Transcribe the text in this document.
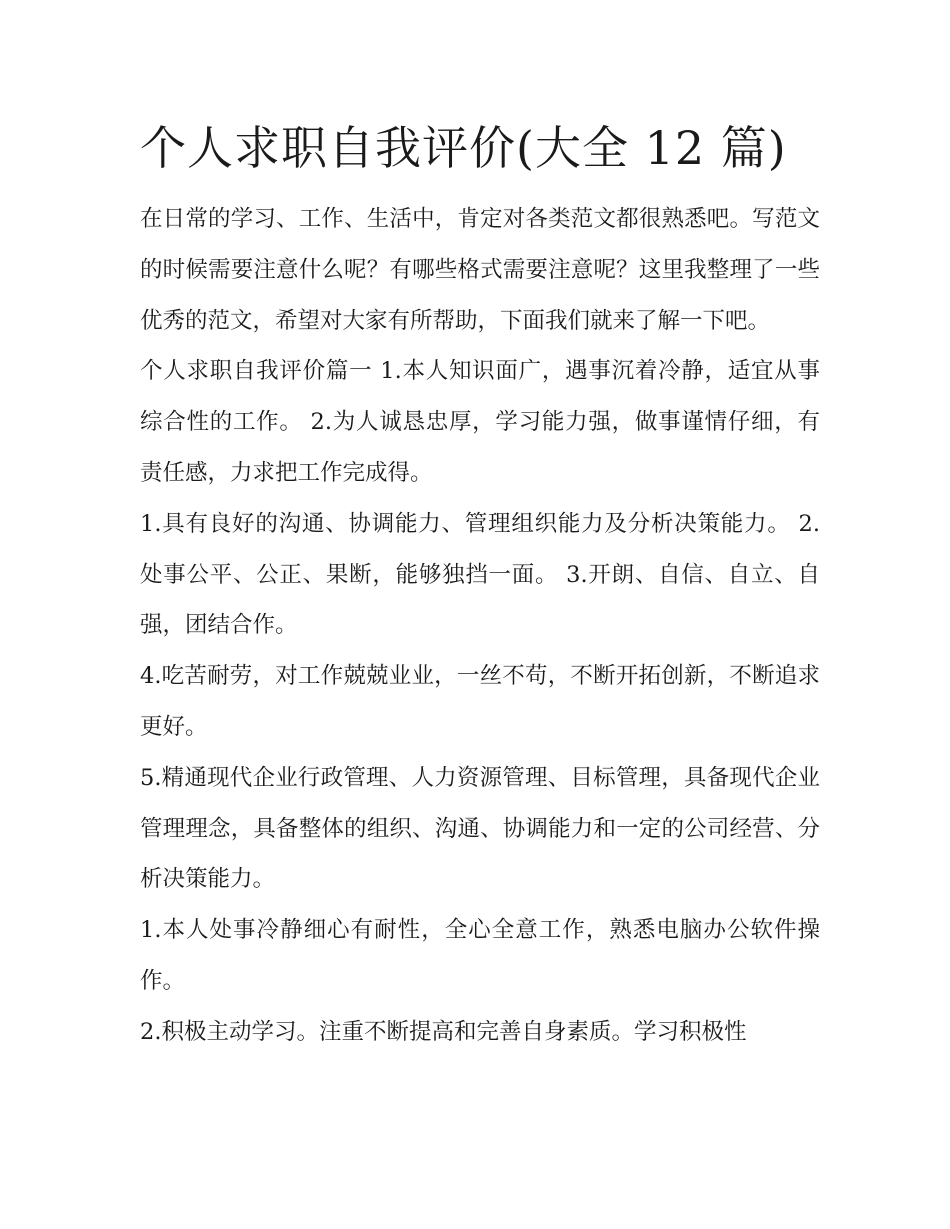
个人求职自我评价(大全 12 篇)

在日常的学习、工作、生活中，肯定对各类范文都很熟悉吧。写范文的时候需要注意什么呢？有哪些格式需要注意呢？这里我整理了一些优秀的范文，希望对大家有所帮助，下面我们就来了解一下吧。

个人求职自我评价篇一 1.本人知识面广，遇事沉着冷静，适宜从事综合性的工作。 2.为人诚恳忠厚，学习能力强，做事谨情仔细，有责任感，力求把工作完成得。

1.具有良好的沟通、协调能力、管理组织能力及分析决策能力。 2.处事公平、公正、果断，能够独挡一面。 3.开朗、自信、自立、自强，团结合作。

4.吃苦耐劳，对工作兢兢业业，一丝不苟，不断开拓创新，不断追求更好。

5.精通现代企业行政管理、人力资源管理、目标管理，具备现代企业管理理念，具备整体的组织、沟通、协调能力和一定的公司经营、分析决策能力。

1.本人处事冷静细心有耐性，全心全意工作，熟悉电脑办公软件操作。

2.积极主动学习。注重不断提高和完善自身素质。学习积极性
